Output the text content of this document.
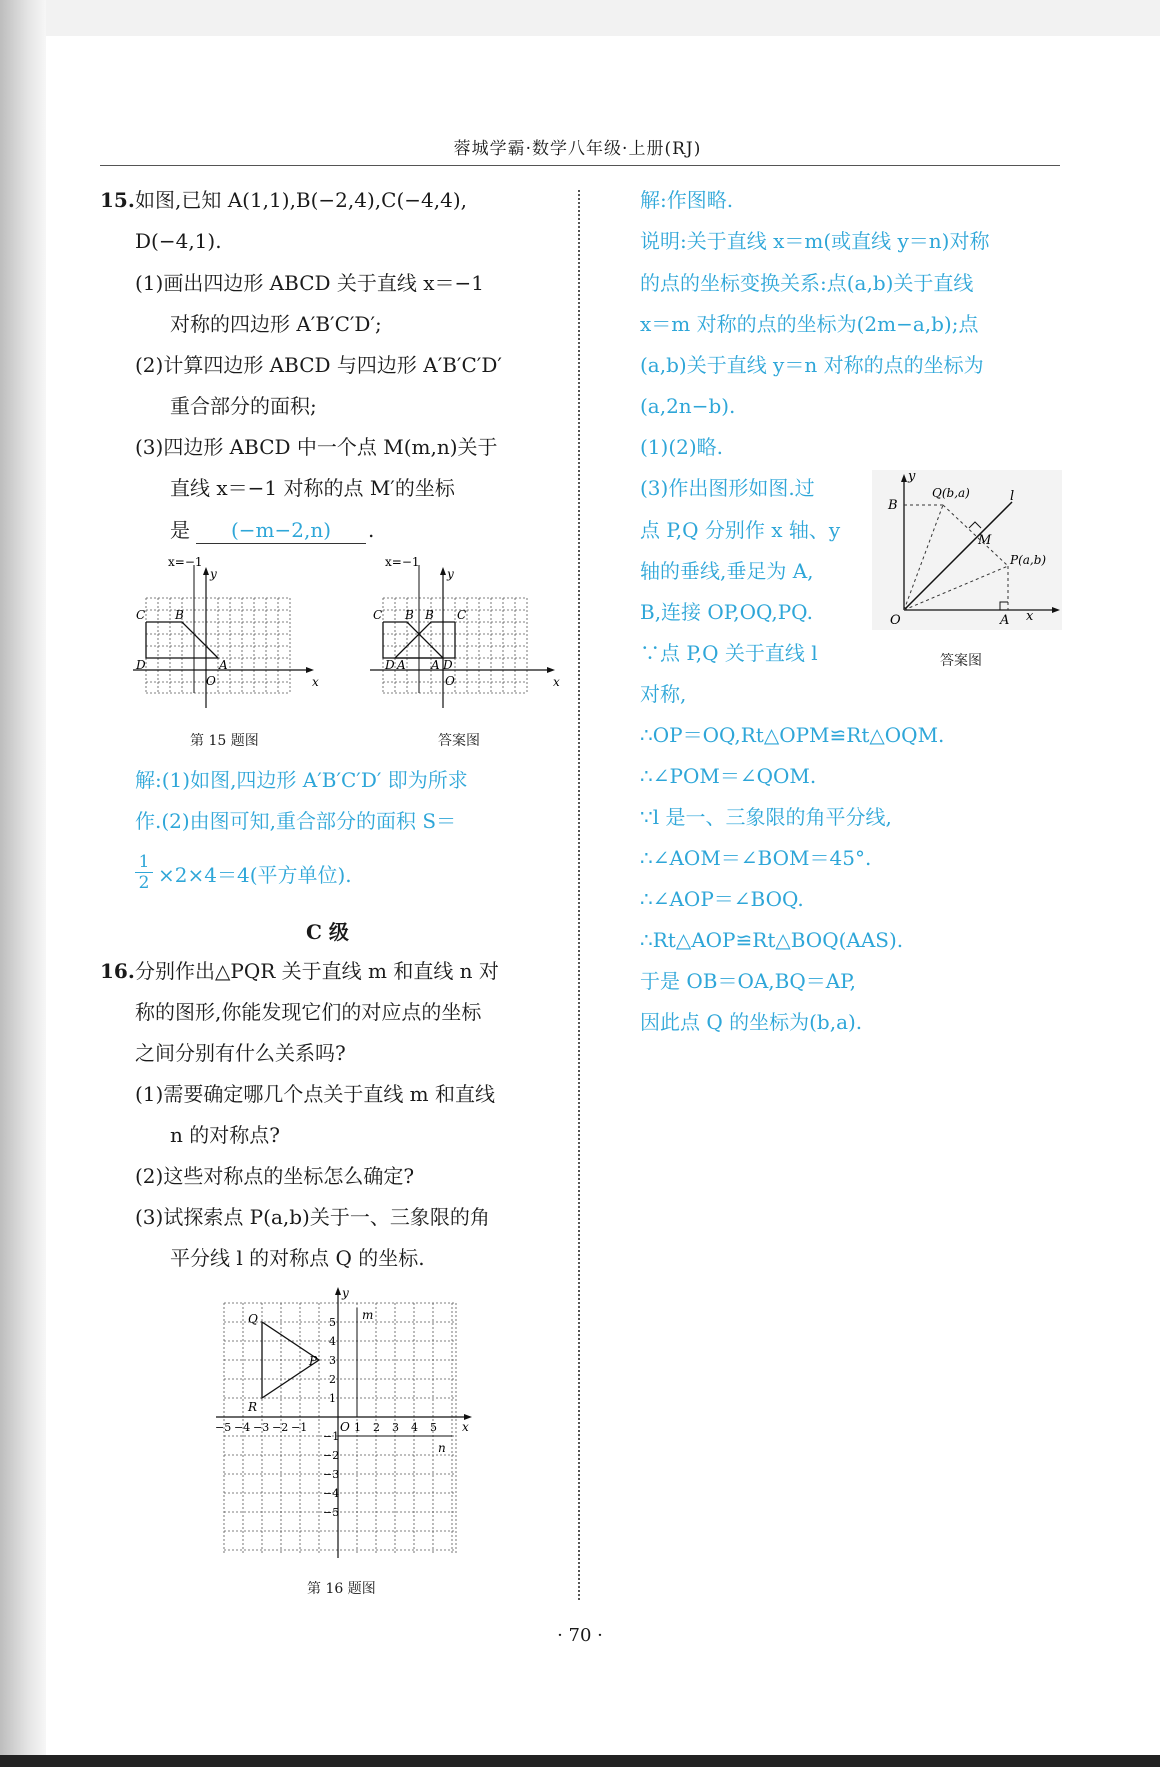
蓉城学霸·数学八年级·上册(RJ)
15. 如图,已知 A(1,1),B(−2,4),C(−4,4),
D(−4,1).
(1)画出四边形 ABCD 关于直线 x＝−1
对称的四边形 A′B′C′D′;
(2)计算四边形 ABCD 与四边形 A′B′C′D′
重合部分的面积;
(3)四边形 ABCD 中一个点 M(m,n)关于
直线 x＝−1 对称的点 M′的坐标
是	(−m−2,n)	.
x=−1
y
x
O
A
B
C
D
第 15 题图
x=−1
y
x
O
D A
C B B C
A D
答案图
解:(1)如图,四边形 A′B′C′D′ 即为所求
作.(2)由图可知,重合部分的面积 S＝
$\frac{1}{2} \times 2\times 4=4$(平方单位).
C 级
16. 分别作出△PQR 关于直线 m 和直线 n 对
称的图形,你能发现它们的对应点的坐标
之间分别有什么关系吗?
(1)需要确定哪几个点关于直线 m 和直线
n 的对称点?
(2)这些对称点的坐标怎么确定?
(3)试探索点 P(a,b)关于一、三象限的角
平分线 l 的对称点 Q 的坐标.
y
x
O
m
n
Q
P
R
−5 −4 −3 −2 −1	1 2 3 4 5
5
4
3
2
1
−1
−2
−3
−4
−5
第 16 题图
解:作图略.
说明:关于直线 x＝m(或直线 y＝n)对称
的点的坐标变换关系:点(a,b)关于直线
x＝m 对称的点的坐标为(2m−a,b);点
(a,b)关于直线 y＝n 对称的点的坐标为
(a,2n−b).
(1)(2)略.
(3)作出图形如图.过
点 P,Q 分别作 x 轴、y
轴的垂线,垂足为 A,
B,连接 OP,OQ,PQ.
∵点 P,Q 关于直线 l
对称,
∴OP＝OQ,Rt△OPM≌Rt△OQM.
∴∠POM＝∠QOM.
∵l 是一、三象限的角平分线,
∴∠AOM＝∠BOM＝45°.
∴∠AOP＝∠BOQ.
∴Rt△AOP≌Rt△BOQ(AAS).
于是 OB＝OA,BQ＝AP,
因此点 Q 的坐标为(b,a).
y
x
O	A
B
M
l
Q(b,a)
P(a,b)
答案图
· 70 ·
